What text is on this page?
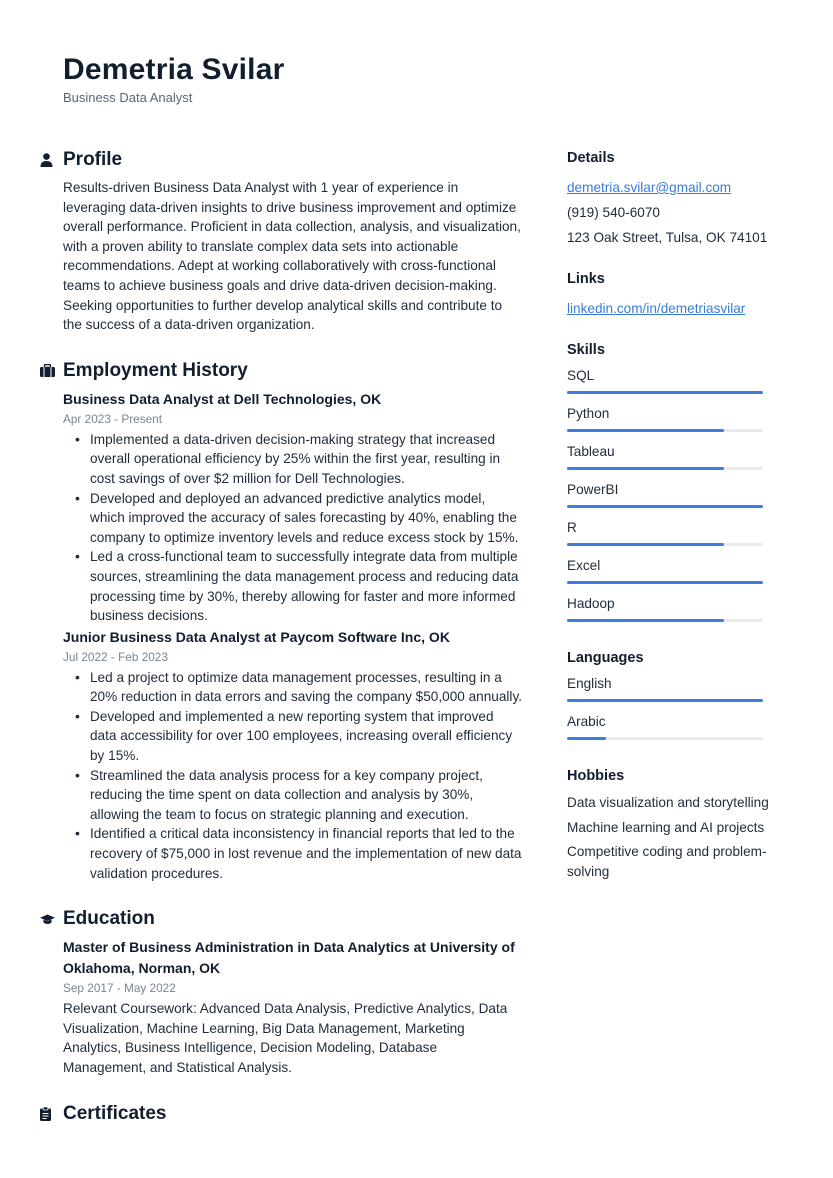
Demetria Svilar
Business Data Analyst
Profile

Results-driven Business Data Analyst with 1 year of experience in leveraging data-driven insights to drive business improvement and optimize overall performance. Proficient in data collection, analysis, and visualization, with a proven ability to translate complex data sets into actionable recommendations. Adept at working collaboratively with cross-functional teams to achieve business goals and drive data-driven decision-making. Seeking opportunities to further develop analytical skills and contribute to the success of a data-driven organization.

Employment History
Business Data Analyst at Dell Technologies, OK
Apr 2023 - Present
• Implemented a data-driven decision-making strategy that increased overall operational efficiency by 25% within the first year, resulting in cost savings of over $2 million for Dell Technologies.
• Developed and deployed an advanced predictive analytics model, which improved the accuracy of sales forecasting by 40%, enabling the company to optimize inventory levels and reduce excess stock by 15%.
• Led a cross-functional team to successfully integrate data from multiple sources, streamlining the data management process and reducing data processing time by 30%, thereby allowing for faster and more informed business decisions.
Junior Business Data Analyst at Paycom Software Inc, OK
Jul 2022 - Feb 2023
• Led a project to optimize data management processes, resulting in a 20% reduction in data errors and saving the company $50,000 annually.
• Developed and implemented a new reporting system that improved data accessibility for over 100 employees, increasing overall efficiency by 15%.
• Streamlined the data analysis process for a key company project, reducing the time spent on data collection and analysis by 30%, allowing the team to focus on strategic planning and execution.
• Identified a critical data inconsistency in financial reports that led to the recovery of $75,000 in lost revenue and the implementation of new data validation procedures.
Education
Master of Business Administration in Data Analytics at University of Oklahoma, Norman, OK
Sep 2017 - May 2022

Relevant Coursework: Advanced Data Analysis, Predictive Analytics, Data Visualization, Machine Learning, Big Data Management, Marketing Analytics, Business Intelligence, Decision Modeling, Database Management, and Statistical Analysis.

Certificates
Details
demetria.svilar@gmail.com
(919) 540-6070
123 Oak Street, Tulsa, OK 74101
Links
linkedin.com/in/demetriasvilar
Skills
SQL
Python
Tableau
PowerBI
R
Excel
Hadoop
Languages
English
Arabic
Hobbies
Data visualization and storytelling
Machine learning and AI projects
Competitive coding and problem-solving
